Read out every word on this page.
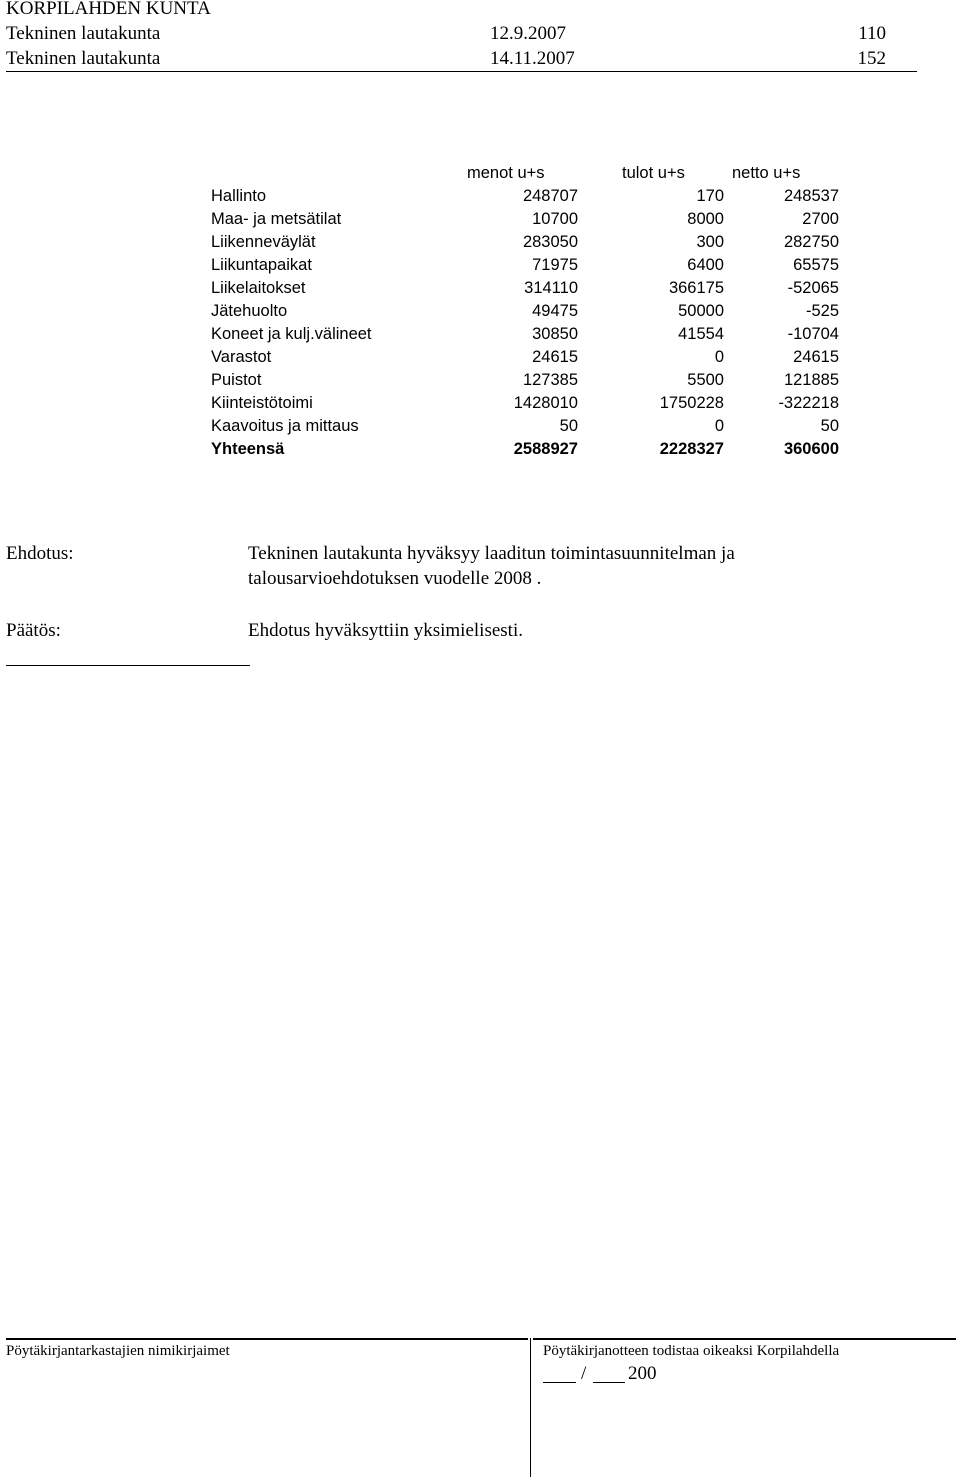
KORPILAHDEN KUNTA
Tekninen lautakunta	12.9.2007	110
Tekninen lautakunta	14.11.2007	152
menot u+s	tulot u+s	netto u+s
Hallinto	248707	170	248537
Maa- ja metsätilat	10700	8000	2700
Liikenneväylät	283050	300	282750
Liikuntapaikat	71975	6400	65575
Liikelaitokset	314110	366175	-52065
Jätehuolto	49475	50000	-525
Koneet ja kulj.välineet	30850	41554	-10704
Varastot	24615	0	24615
Puistot	127385	5500	121885
Kiinteistötoimi	1428010	1750228	-322218
Kaavoitus ja mittaus	50	0	50
Yhteensä	2588927	2228327	360600
Ehdotus:	Tekninen lautakunta hyväksyy laaditun toimintasuunnitelman ja
talousarvioehdotuksen vuodelle 2008 .
Päätös:	Ehdotus hyväksyttiin yksimielisesti.
Pöytäkirjantarkastajien nimikirjaimet	Pöytäkirjanotteen todistaa oikeaksi Korpilahdella
/ 200
